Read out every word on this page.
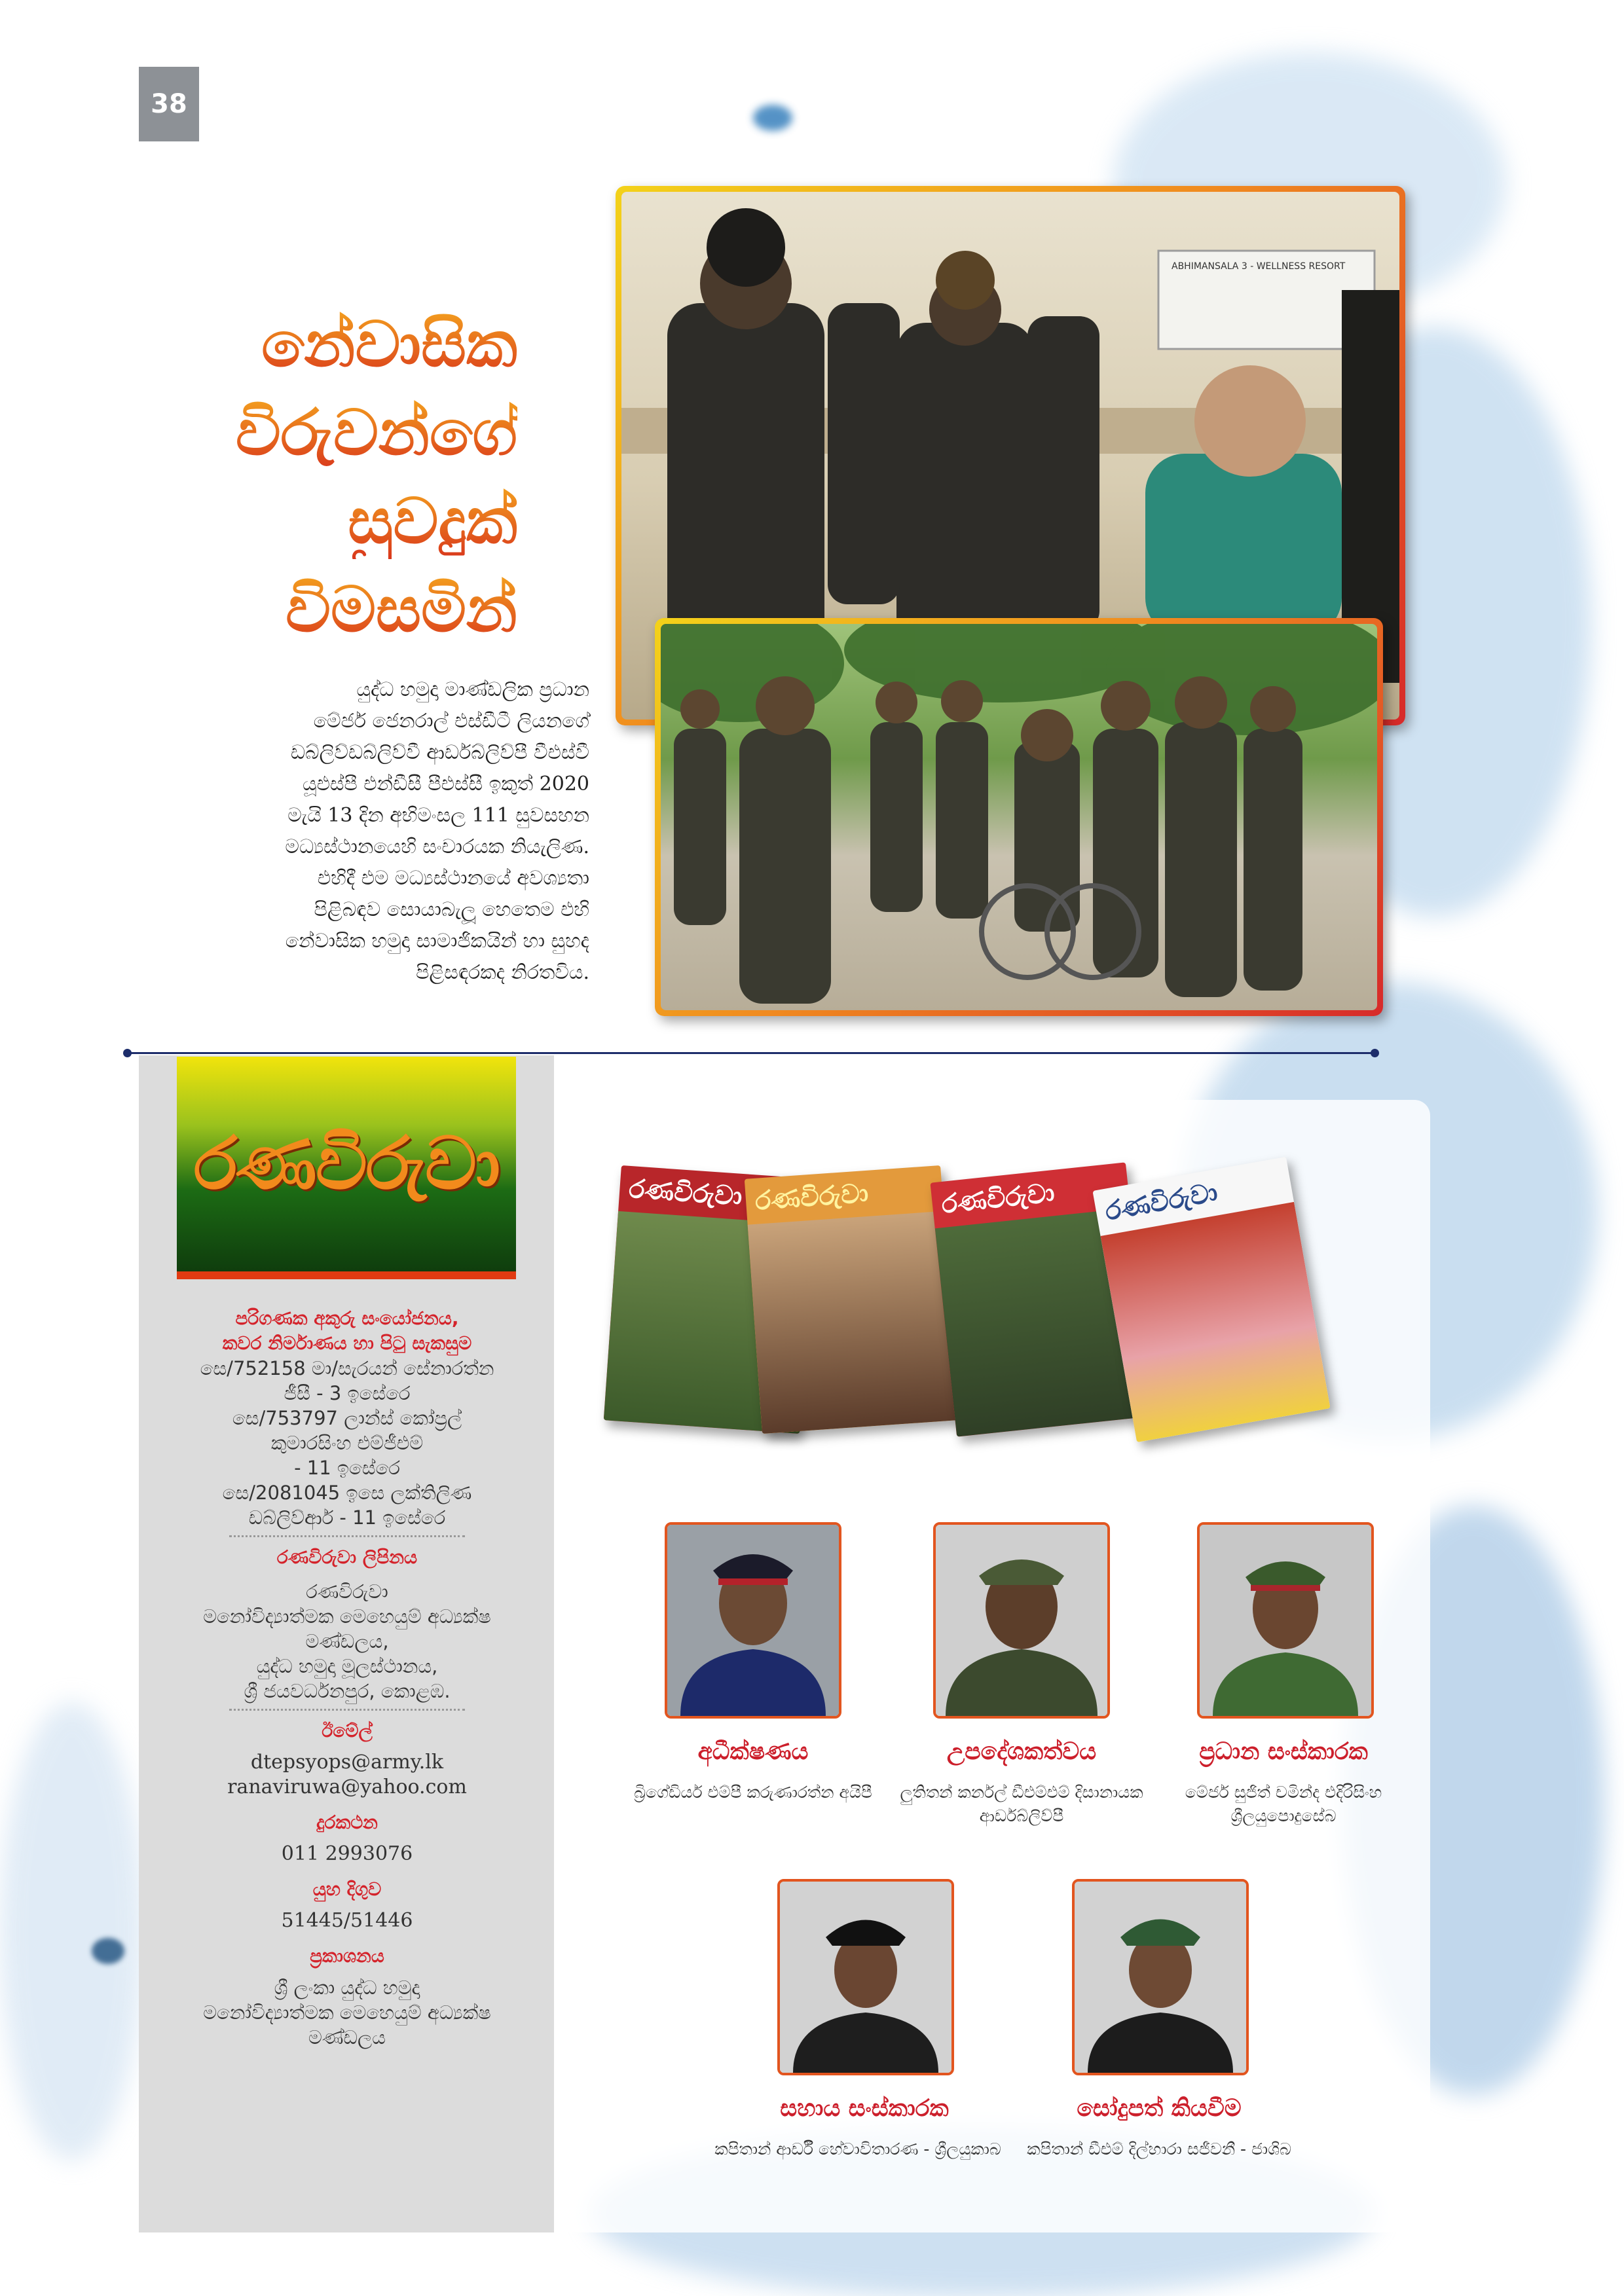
38
නේවාසික
විරුවන්ගේ
සුවදුක්
විමසමින්
ABHIMANSALA 3 - WELLNESS RESORT
යුද්ධ හමුදා මාණ්ඩලික ප්‍රධාන
මේජර් ජෙනරාල් එස්ඩීටී ලියනගේ
ඩබ්ලිව්ඩබ්ලිව්වී ආර්ඩබ්ලිව්පී වීඑස්වී
යූඑස්පී එන්ඩීසී පීඑස්සී ඉකුත් 2020
මැයි 13 දින අභිමංසල 111 සුවසහන
මධ්‍යස්ථානයෙහි සංචාරයක නියැලිණ.
එහිදී එම මධ්‍යස්ථානයේ අවශ්‍යතා
පිළිබඳව සොයාබැලූ හෙතෙම එහි
නේවාසික හමුදා සාමාජිකයින් හා සුහද
පිළිසඳරකද නිරතවිය.
රණවිරුවා
පරිගණක අකුරු සංයෝජනය,
කවර නිර්මාණය හා පිටු සැකසුම
සෙ/752158 මා/සැරයන් සේනාරත්න
ජීසී - 3 ඉසේරෙ
සෙ/753797 ලාන්ස් කෝප්‍රල්
කුමාරසිංහ එම්ජීඑම්
- 11 ඉසේරෙ
සෙ/2081045 ඉසෙ ලක්තිලිණ
ඩබ්ලිව්ආර් - 11 ඉසේරෙ
රණවිරුවා ලිපිනය
රණවිරුවා
මනෝවිද්‍යාත්මක මෙහෙයුම් අධ්‍යක්ෂ
මණ්ඩලය,
යුද්ධ හමුදා මූලස්ථානය,
ශ්‍රී ජයවර්ධනපුර, කොළඹ.
ඊමේල්
dtepsyops@army.lk
ranaviruwa@yahoo.com
දුරකථන
011 2993076
යුහ දිගුව
51445/51446
ප්‍රකාශනය
ශ්‍රී ලංකා යුද්ධ හමුදා
මනෝවිද්‍යාත්මක මෙහෙයුම් අධ්‍යක්ෂ
මණ්ඩලය
රණවිරුවා රණවිරුවා	රණවිරුවා	රණවිරුවා
අධීක්ෂණය
බ්‍රිගේඩියර් එම්පී කරුණාරත්න අයිපී
උපදේශකත්වය
ලුතිතන් කර්නල් ඩීඑම්එම් දිසානායක
ආර්ඩබ්ලිව්පී
ප්‍රධාන සංස්කාරක
මේජර් සුජිත් චමින්ද එදිරිසිංහ
ශ්‍රීලයුපොදුසේබ
සහාය සංස්කාරක
කපිතාන් ආර්ඩී හේවාවිතාරණ - ශ්‍රීලයුකාබ
සෝදුපත් කියවීම
කපිතාන් ඩීඑම් දිල්හාරා සජීවනී - ජාශිබ
